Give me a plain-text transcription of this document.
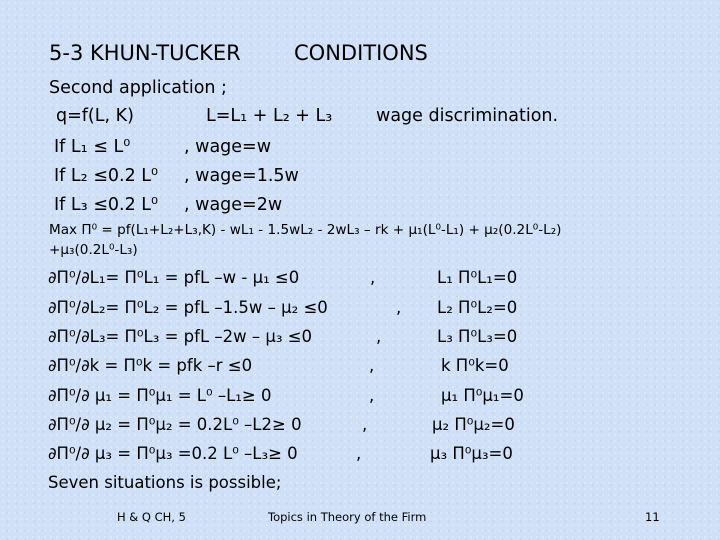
5-3 KHUN-TUCKER	CONDITIONS
Second application ;
q=f(L, K)	L=L₁ + L₂ + L₃ wage discrimination.
If L₁ ≤ L⁰	, wage=w
If L₂ ≤0.2 L⁰ , wage=1.5w
If L₃ ≤0.2 L⁰ , wage=2w
Max Π⁰ = pf(L₁+L₂+L₃,K) - wL₁ - 1.5wL₂ - 2wL₃ – rk + μ₁(L⁰-L₁) + μ₂(0.2L⁰-L₂)
+μ₃(0.2L⁰-L₃)
∂Π⁰/∂L₁= Π⁰L₁ = pfL –w - μ₁ ≤0	,	L₁ Π⁰L₁=0
∂Π⁰/∂L₂= Π⁰L₂ = pfL –1.5w – μ₂ ≤0	, L₂ Π⁰L₂=0
∂Π⁰/∂L₃= Π⁰L₃ = pfL –2w – μ₃ ≤0	,	L₃ Π⁰L₃=0
∂Π⁰/∂k = Π⁰k = pfk –r ≤0	,	k Π⁰k=0
∂Π⁰/∂ μ₁ = Π⁰μ₁ = L⁰ –L₁≥ 0	,	μ₁ Π⁰μ₁=0
∂Π⁰/∂ μ₂ = Π⁰μ₂ = 0.2L⁰ –L2≥ 0	,	μ₂ Π⁰μ₂=0
∂Π⁰/∂ μ₃ = Π⁰μ₃ =0.2 L⁰ –L₃≥ 0	,	μ₃ Π⁰μ₃=0
Seven situations is possible;
H & Q CH, 5	Topics in Theory of the Firm	11
